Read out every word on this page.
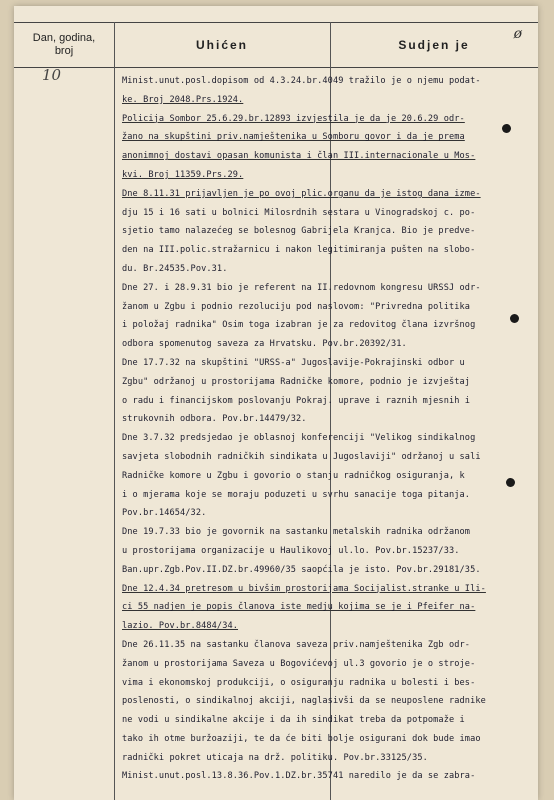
Dan, godina,
broj	Uhićen	Sudjen je
ø
10	Minist.unut.posl.dopisom od 4.3.24.br.4049 tražilo je o njemu podat-
ke. Broj 2048.Prs.1924.
Policija Sombor 25.6.29.br.12893 izvjestila je da je 20.6.29 odr-
žano na skupštini priv.namještenika u Somboru govor i da je prema
anonimnoj dostavi opasan komunista i član III.internacionale u Mos-
kvi. Broj 11359.Prs.29.
Dne 8.11.31 prijavljen je po ovoj plic.organu da je istog dana izme-
dju 15 i 16 sati u bolnici Milosrdnih sestara u Vinogradskoj c. po-
sjetio tamo nalazećeg se bolesnog Gabrijela Kranjca. Bio je predve-
den na III.polic.stražarnicu i nakon legitimiranja pušten na slobo-
du. Br.24535.Pov.31.
Dne 27. i 28.9.31 bio je referent na II.redovnom kongresu URSSJ odr-
žanom u Zgbu i podnio rezoluciju pod naslovom: "Privredna politika
i položaj radnika" Osim toga izabran je za redovitog člana izvršnog
odbora spomenutog saveza za Hrvatsku. Pov.br.20392/31.
Dne 17.7.32 na skupštini "URSS-a" Jugoslavije-Pokrajinski odbor u
Zgbu" održanoj u prostorijama Radničke komore, podnio je izvještaj
o radu i financijskom poslovanju Pokraj. uprave i raznih mjesnih i
strukovnih odbora. Pov.br.14479/32.
Dne 3.7.32 predsjedao je oblasnoj konferenciji "Velikog sindikalnog
savjeta slobodnih radničkih sindikata u Jugoslaviji" održanoj u sali
Radničke komore u Zgbu i govorio o stanju radničkog osiguranja, k
i o mjerama koje se moraju poduzeti u svrhu sanacije toga pitanja.
Pov.br.14654/32.
Dne 19.7.33 bio je govornik na sastanku metalskih radnika održanom
u prostorijama organizacije u Haulikovoj ul.lo. Pov.br.15237/33.
Ban.upr.Zgb.Pov.II.DZ.br.49960/35 saopćila je isto. Pov.br.29181/35.
Dne 12.4.34 pretresom u bivšim prostorijama Socijalist.stranke u Ili-
ci 55 nadjen je popis članova iste medju kojima se je i Pfeifer na-
lazio. Pov.br.8484/34.
Dne 26.11.35 na sastanku članova saveza priv.namještenika Zgb odr-
žanom u prostorijama Saveza u Bogovićevoj ul.3 govorio je o stroje-
vima i ekonomskoj produkciji, o osiguranju radnika u bolesti i bes-
poslenosti, o sindikalnoj akciji, naglasivši da se neuposlene radnike
ne vodi u sindikalne akcije i da ih sindikat treba da potpomaže i
tako ih otme buržoaziji, te da će biti bolje osigurani dok bude imao
radnički pokret uticaja na drž. politiku. Pov.br.33125/35.
Minist.unut.posl.13.8.36.Pov.1.DZ.br.35741 naredilo je da se zabra-
